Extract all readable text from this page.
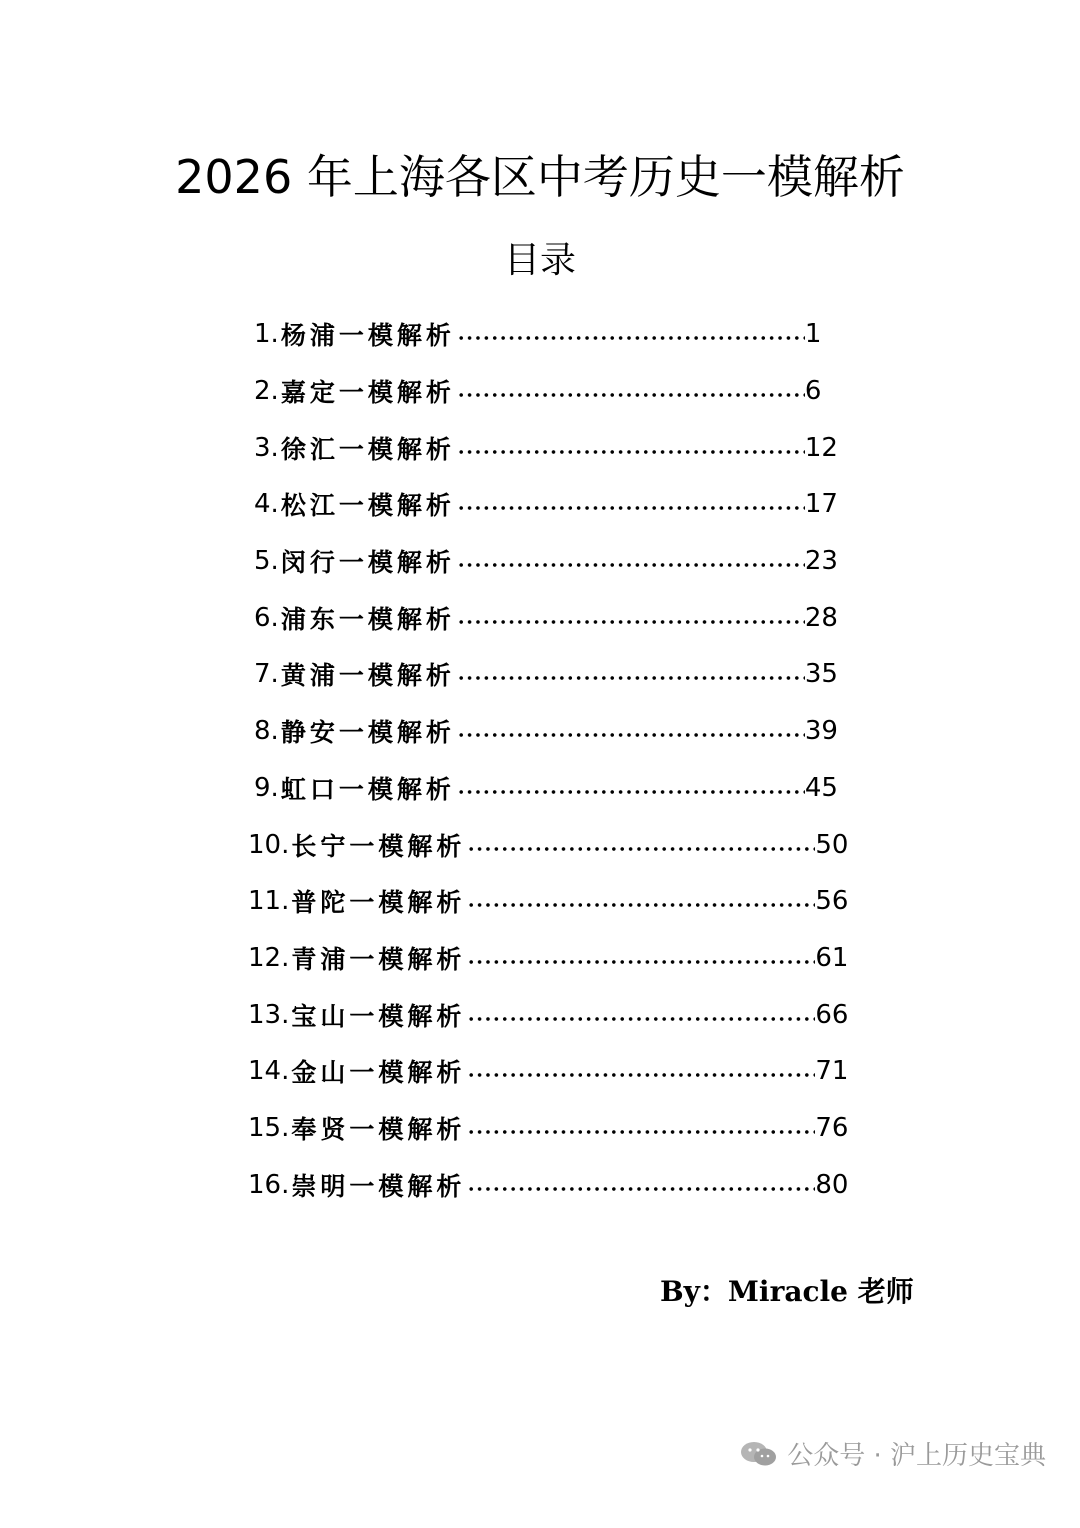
2026 年上海各区中考历史一模解析
目录
1. 杨浦一模解析	1
2. 嘉定一模解析	6
3. 徐汇一模解析	12
4. 松江一模解析	17
5. 闵行一模解析	23
6. 浦东一模解析	28
7. 黄浦一模解析	35
8. 静安一模解析	39
9. 虹口一模解析	45
10. 长宁一模解析	50
11. 普陀一模解析	56
12. 青浦一模解析	61
13. 宝山一模解析	66
14. 金山一模解析	71
15. 奉贤一模解析	76
16. 崇明一模解析	80
By：Miracle 老师
公众号 · 沪上历史宝典
